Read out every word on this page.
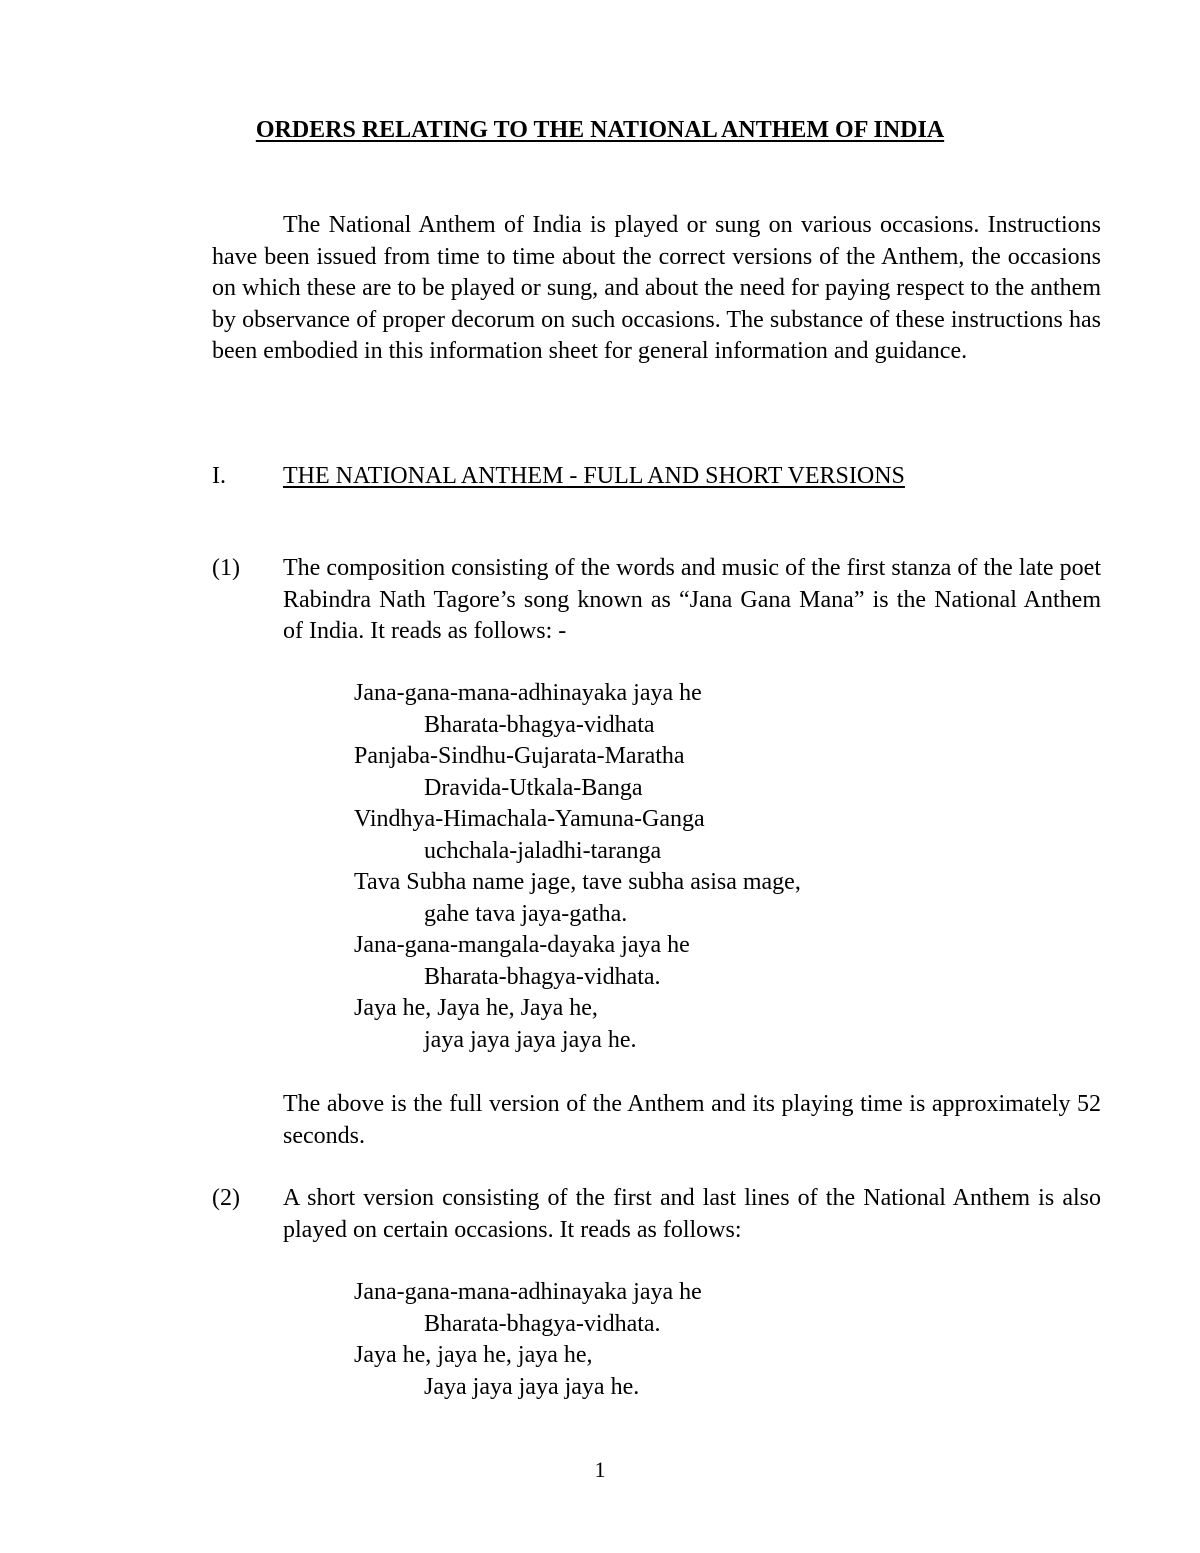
ORDERS RELATING TO THE NATIONAL ANTHEM OF INDIA

The National Anthem of India is played or sung on various occasions. Instructions have been issued from time to time about the correct versions of the Anthem, the occasions on which these are to be played or sung, and about the need for paying respect to the anthem by observance of proper decorum on such occasions. The substance of these instructions has been embodied in this information sheet for general information and guidance.

I. THE NATIONAL ANTHEM - FULL AND SHORT VERSIONS
(1) The composition consisting of the words and music of the first stanza of the late poet Rabindra Nath Tagore’s song known as “Jana Gana Mana” is the National Anthem of India. It reads as follows: -

Jana-gana-mana-adhinayaka jaya he
Bharata-bhagya-vidhata
Panjaba-Sindhu-Gujarata-Maratha
Dravida-Utkala-Banga
Vindhya-Himachala-Yamuna-Ganga
uchchala-jaladhi-taranga
Tava Subha name jage, tave subha asisa mage,
gahe tava jaya-gatha.
Jana-gana-mangala-dayaka jaya he
Bharata-bhagya-vidhata.
Jaya he, Jaya he, Jaya he,
jaya jaya jaya jaya he.

The above is the full version of the Anthem and its playing time is approximately 52 seconds.

(2) A short version consisting of the first and last lines of the National Anthem is also played on certain occasions. It reads as follows:

Jana-gana-mana-adhinayaka jaya he
Bharata-bhagya-vidhata.
Jaya he, jaya he, jaya he,
Jaya jaya jaya jaya he.
1
